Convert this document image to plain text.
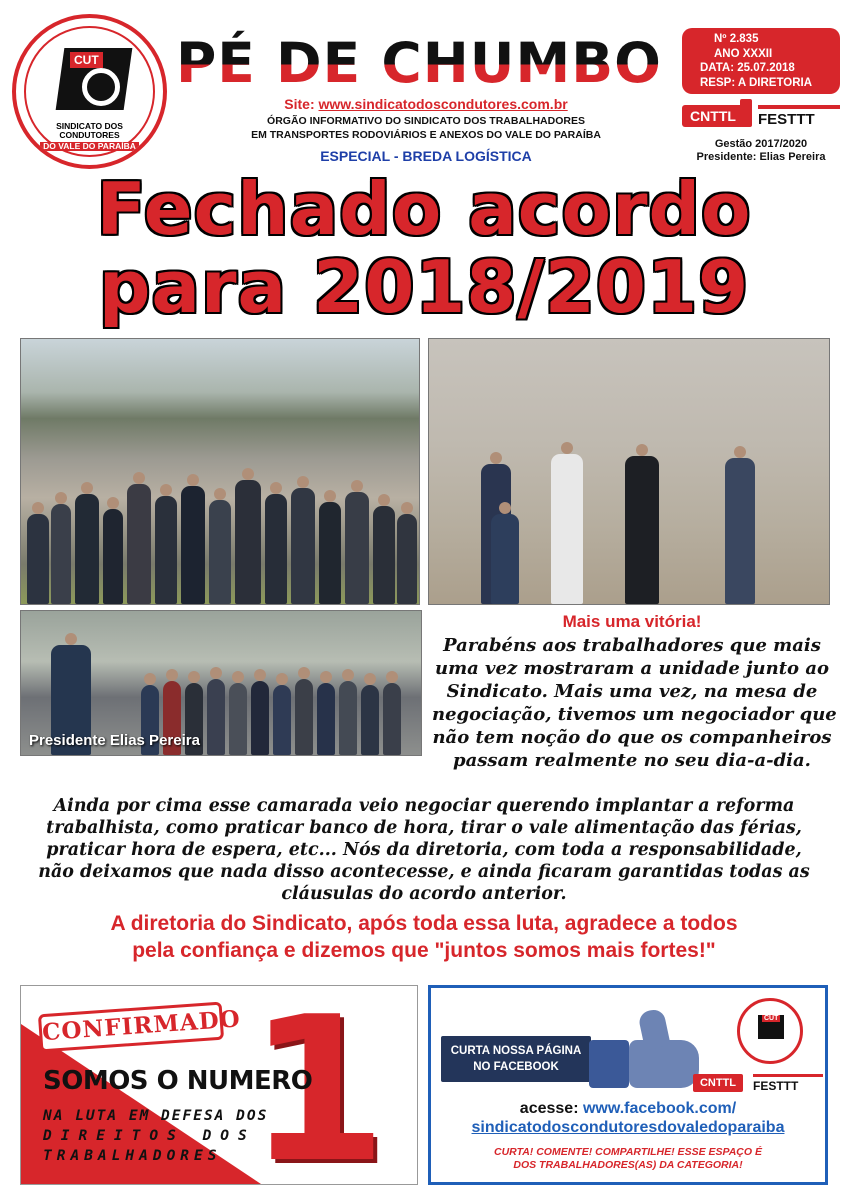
CUT
SINDICATO DOS
CONDUTORES
DO VALE DO PARAÍBA
PÉ DE CHUMBO
Site: www.sindicatodoscondutores.com.br
ÓRGÃO INFORMATIVO DO SINDICATO DOS TRABALHADORES
EM TRANSPORTES RODOVIÁRIOS E ANEXOS DO VALE DO PARAÍBA
ESPECIAL - BREDA LOGÍSTICA
Nº 2.835
ANO XXXII
DATA: 25.07.2018
RESP: A DIRETORIA
CNTTL	FESTTT
Gestão 2017/2020
Presidente: Elias Pereira
Fechado acordo
para 2018/2019
Presidente Elias Pereira
Mais uma vitória!
Parabéns aos trabalhadores que mais
uma vez mostraram a unidade junto ao
Sindicato. Mais uma vez, na mesa de
negociação, tivemos um negociador que
não tem noção do que os companheiros
passam realmente no seu dia-a-dia.
Ainda por cima esse camarada veio negociar querendo implantar a reforma
trabalhista, como praticar banco de hora, tirar o vale alimentação das férias,
praticar hora de espera, etc... Nós da diretoria, com toda a responsabilidade,
não deixamos que nada disso acontecesse, e ainda ficaram garantidas todas as
cláusulas do acordo anterior.
A diretoria do Sindicato, após toda essa luta, agradece a todos
pela confiança e dizemos que "juntos somos mais fortes!"
1
CONFIRMADO
SOMOS O NUMERO
NA LUTA EM DEFESA DOS
DIREITOS DOS
TRABALHADORES
CURTA NOSSA PÁGINA
NO FACEBOOK
CUT
CNTTL	FESTTT
acesse: www.facebook.com/
sindicatodoscondutoresdovaledoparaiba
CURTA! COMENTE! COMPARTILHE! ESSE ESPAÇO É
DOS TRABALHADORES(AS) DA CATEGORIA!
